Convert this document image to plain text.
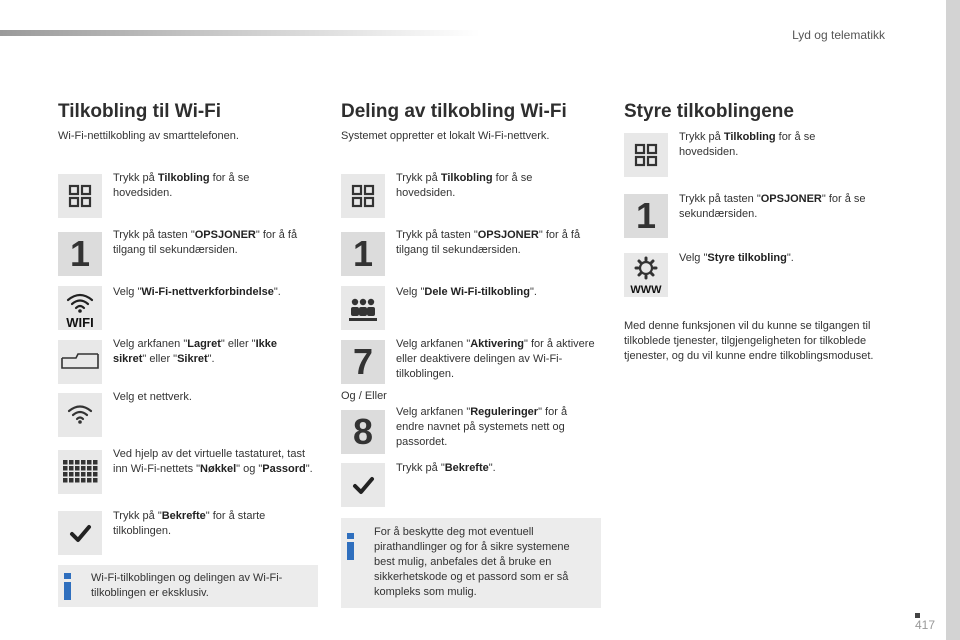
Lyd og telematikk
Tilkobling til Wi-Fi
Wi-Fi-nettilkobling av smarttelefonen.
Trykk på Tilkobling for å se hovedsiden.
1	Trykk på tasten "OPSJONER" for å få tilgang til sekundærsiden.
WIFI
Velg "Wi-Fi-nettverkforbindelse".
Velg arkfanen "Lagret" eller "Ikke sikret" eller "Sikret".
Velg et nettverk.
Ved hjelp av det virtuelle tastaturet, tast inn Wi-Fi-nettets "Nøkkel" og "Passord".
Trykk på "Bekrefte" for å starte tilkoblingen.
Wi-Fi-tilkoblingen og delingen av Wi-Fi-tilkoblingen er eksklusiv.
Deling av tilkobling Wi-Fi
Systemet oppretter et lokalt Wi-Fi-nettverk.
Trykk på Tilkobling for å se hovedsiden.
1	Trykk på tasten "OPSJONER" for å få tilgang til sekundærsiden.
Velg "Dele Wi-Fi-tilkobling".
7	Velg arkfanen "Aktivering" for å aktivere eller deaktivere delingen av Wi-Fi-tilkoblingen.
Og / Eller
8	Velg arkfanen "Reguleringer" for å endre navnet på systemets nett og passordet.
Trykk på "Bekrefte".
For å beskytte deg mot eventuell pirathandlinger og for å sikre systemene best mulig, anbefales det å bruke en sikkerhetskode og et passord som er så kompleks som mulig.
Styre tilkoblingene
Trykk på Tilkobling for å se hovedsiden.
1	Trykk på tasten "OPSJONER" for å se sekundærsiden.
WWW
Velg "Styre tilkobling".
Med denne funksjonen vil du kunne se tilgangen til tilkoblede tjenester, tilgjengeligheten for tilkoblede tjenester, og du vil kunne endre tilkoblingsmoduset.
417
